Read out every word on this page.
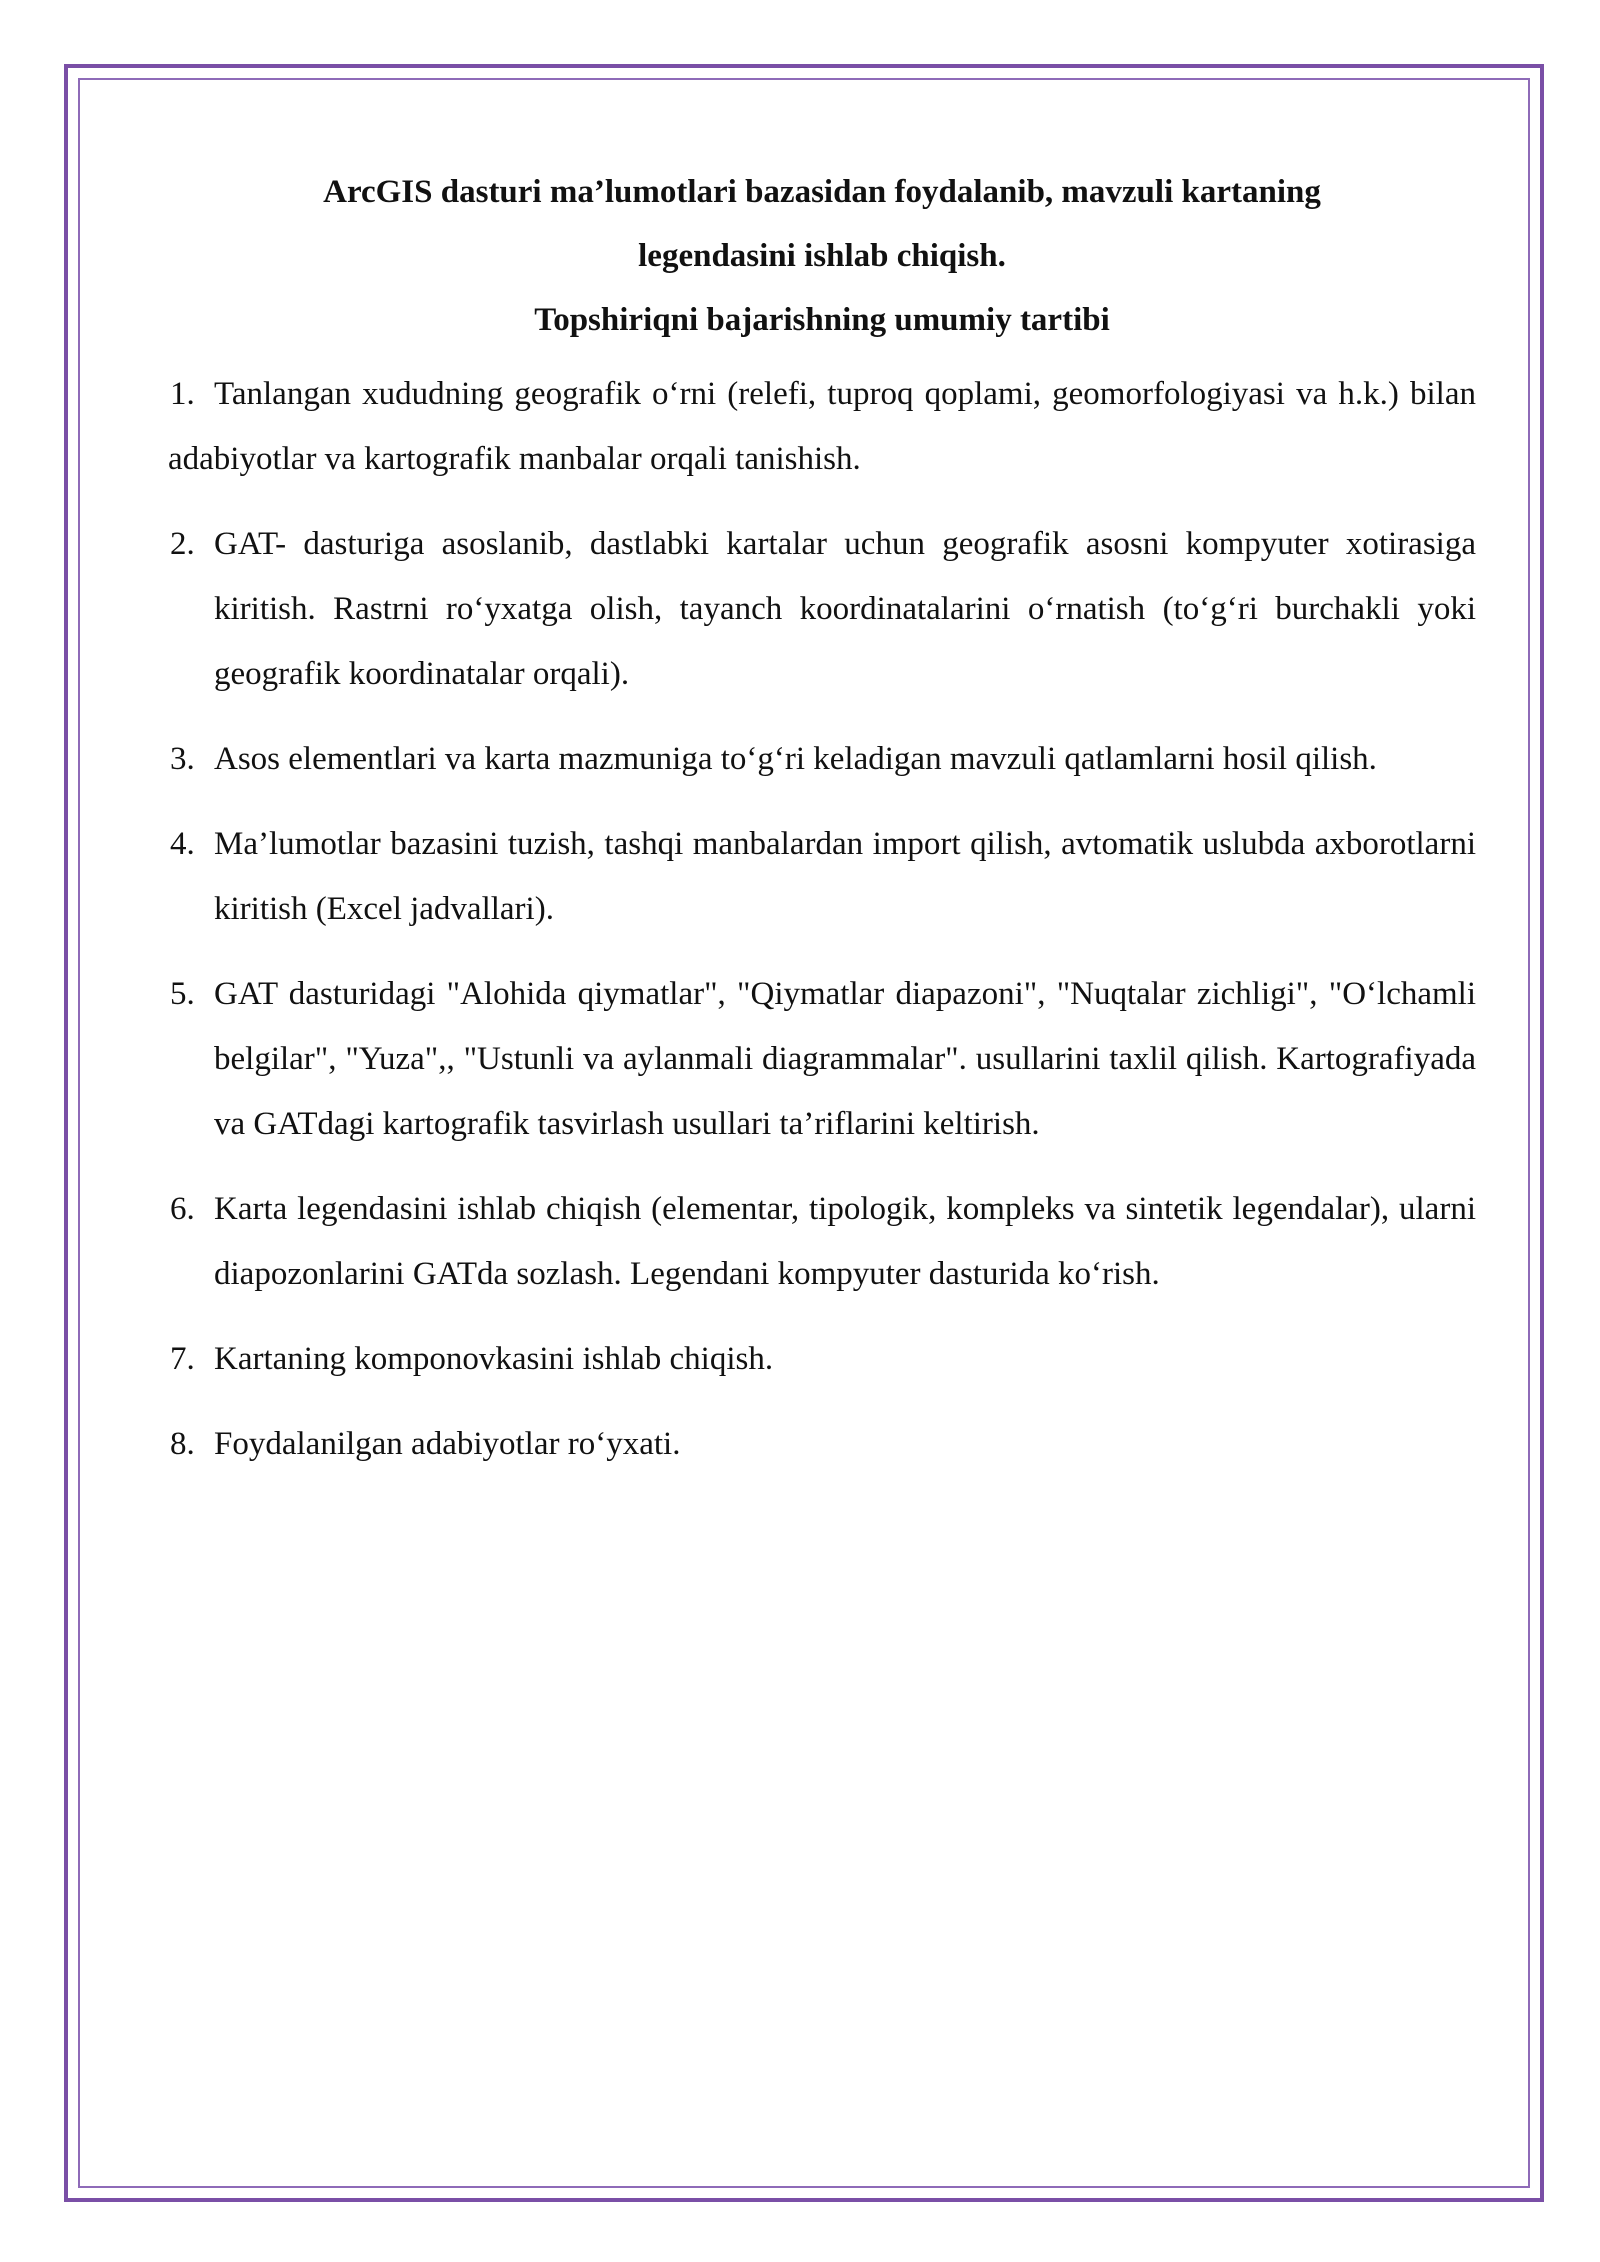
ArcGIS dasturi ma’lumotlari bazasidan foydalanib, mavzuli kartaning

legendasini ishlab chiqish.

Topshiriqni bajarishning umumiy tartibi

1. Tanlangan xududning geografik o‘rni (relefi, tuproq qoplami, geomorfologiyasi va h.k.) bilan adabiyotlar va kartografik manbalar orqali tanishish.
2. GAT- dasturiga asoslanib, dastlabki kartalar uchun geografik asosni kompyuter xotirasiga kiritish. Rastrni ro‘yxatga olish, tayanch koordinatalarini o‘rnatish (to‘g‘ri burchakli yoki geografik koordinatalar orqali).
3. Asos elementlari va karta mazmuniga to‘g‘ri keladigan mavzuli qatlamlarni hosil qilish.
4. Ma’lumotlar bazasini tuzish, tashqi manbalardan import qilish, avtomatik uslubda axborotlarni kiritish (Excel jadvallari).
5. GAT dasturidagi "Alohida qiymatlar", "Qiymatlar diapazoni", "Nuqtalar zichligi", "O‘lchamli belgilar", "Yuza",, "Ustunli va aylanmali diagrammalar". usullarini taxlil qilish. Kartografiyada va GATdagi kartografik tasvirlash usullari ta’riflarini keltirish.
6. Karta legendasini ishlab chiqish (elementar, tipologik, kompleks va sintetik legendalar), ularni diapozonlarini GATda sozlash. Legendani kompyuter dasturida ko‘rish.
7. Kartaning komponovkasini ishlab chiqish.
8. Foydalanilgan adabiyotlar ro‘yxati.
